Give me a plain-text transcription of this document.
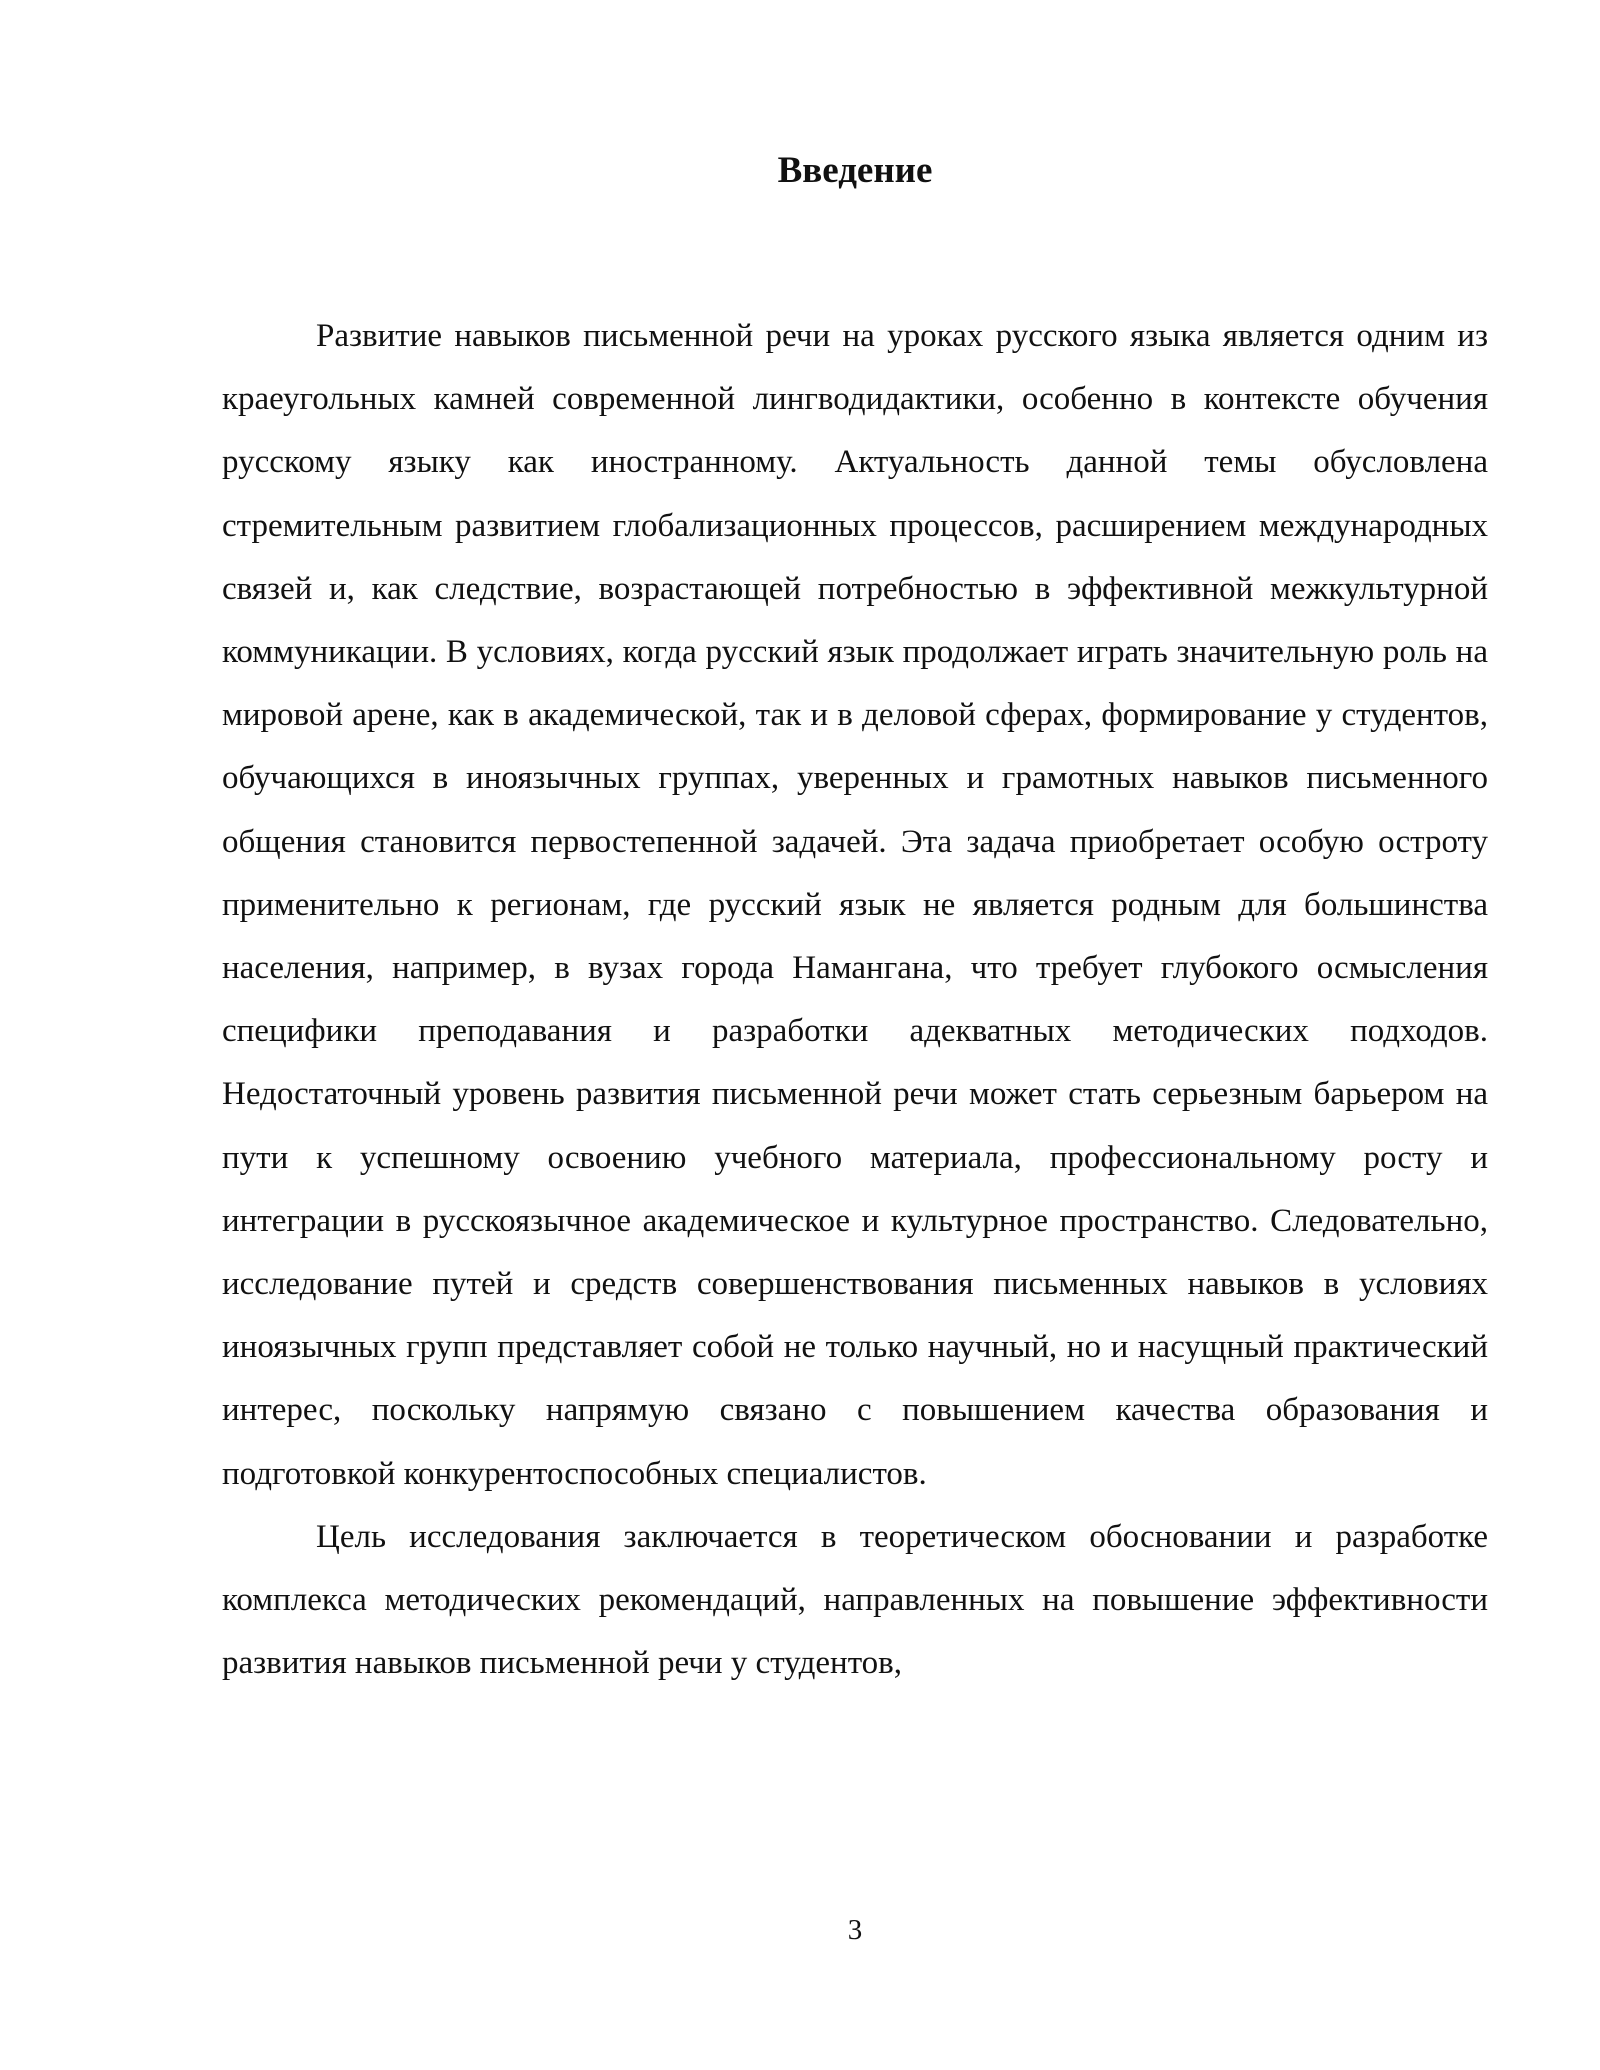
Введение

Развитие навыков письменной речи на уроках русского языка является одним из краеугольных камней современной лингводидактики, особенно в контексте обучения русскому языку как иностранному. Актуальность данной темы обусловлена стремительным развитием глобализационных процессов, расширением международных связей и, как следствие, возрастающей потребностью в эффективной межкультурной коммуникации. В условиях, когда русский язык продолжает играть значительную роль на мировой арене, как в академической, так и в деловой сферах, формирование у студентов, обучающихся в иноязычных группах, уверенных и грамотных навыков письменного общения становится первостепенной задачей. Эта задача приобретает особую остроту применительно к регионам, где русский язык не является родным для большинства населения, например, в вузах города Намангана, что требует глубокого осмысления специфики преподавания и разработки адекватных методических подходов. Недостаточный уровень развития письменной речи может стать серьезным барьером на пути к успешному освоению учебного материала, профессиональному росту и интеграции в русскоязычное академическое и культурное пространство. Следовательно, исследование путей и средств совершенствования письменных навыков в условиях иноязычных групп представляет собой не только научный, но и насущный практический интерес, поскольку напрямую связано с повышением качества образования и подготовкой конкурентоспособных специалистов.

Цель исследования заключается в теоретическом обосновании и разработке комплекса методических рекомендаций, направленных на повышение эффективности развития навыков письменной речи у студентов,

3
